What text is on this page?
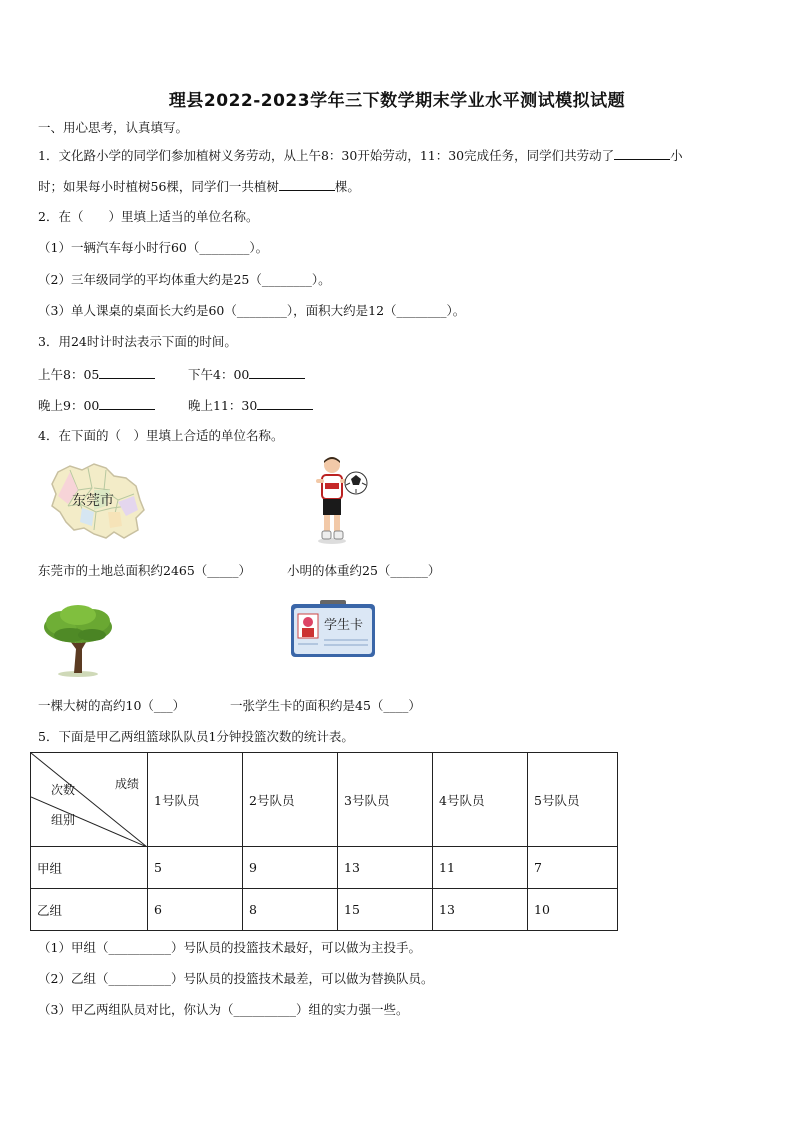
理县2022-2023学年三下数学期末学业水平测试模拟试题
一、用心思考，认真填写。
1．文化路小学的同学们参加植树义务劳动，从上午8：30开始劳动，11：30完成任务，同学们共劳动了	小
时；如果每小时植树56棵，同学们一共植树	棵。
2．在（　　）里填上适当的单位名称。
（1）一辆汽车每小时行60（________）。
（2）三年级同学的平均体重大约是25（________）。
（3）单人课桌的桌面长大约是60（________），面积大约是12（________）。
3．用24时计时法表示下面的时间。
上午8：05	下午4：00
晚上9：00	晚上11：30
4．在下面的（　）里填上合适的单位名称。
东莞市
东莞市的土地总面积约2465（_____）	小明的体重约25（______）
学生卡
一棵大树的高约10（___）	一张学生卡的面积约是45（____）
5．下面是甲乙两组篮球队队员1分钟投篮次数的统计表。
成绩
次数
组别	1号队员	2号队员	3号队员	4号队员	5号队员
甲组	5	9	13	11	7
乙组	6	8	15	13	10
（1）甲组（__________）号队员的投篮技术最好，可以做为主投手。
（2）乙组（__________）号队员的投篮技术最差，可以做为替换队员。
（3）甲乙两组队员对比，你认为（__________）组的实力强一些。
